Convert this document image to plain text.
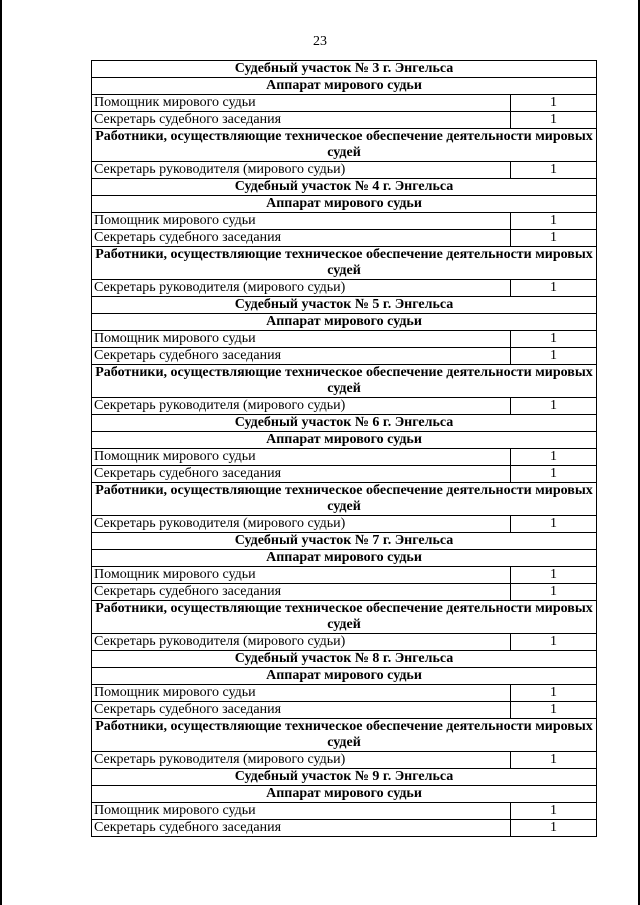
23
Судебный участок № 3 г. Энгельса	
Аппарат мирового судьи	
Помощник мирового судьи	1
Секретарь судебного заседания	1
Работники, осуществляющие техническое обеспечение деятельности мировых судей	
Секретарь руководителя (мирового судьи)	1
Судебный участок № 4 г. Энгельса	
Аппарат мирового судьи	
Помощник мирового судьи	1
Секретарь судебного заседания	1
Работники, осуществляющие техническое обеспечение деятельности мировых судей	
Секретарь руководителя (мирового судьи)	1
Судебный участок № 5 г. Энгельса	
Аппарат мирового судьи	
Помощник мирового судьи	1
Секретарь судебного заседания	1
Работники, осуществляющие техническое обеспечение деятельности мировых судей	
Секретарь руководителя (мирового судьи)	1
Судебный участок № 6 г. Энгельса	
Аппарат мирового судьи	
Помощник мирового судьи	1
Секретарь судебного заседания	1
Работники, осуществляющие техническое обеспечение деятельности мировых судей	
Секретарь руководителя (мирового судьи)	1
Судебный участок № 7 г. Энгельса	
Аппарат мирового судьи	
Помощник мирового судьи	1
Секретарь судебного заседания	1
Работники, осуществляющие техническое обеспечение деятельности мировых судей	
Секретарь руководителя (мирового судьи)	1
Судебный участок № 8 г. Энгельса	
Аппарат мирового судьи	
Помощник мирового судьи	1
Секретарь судебного заседания	1
Работники, осуществляющие техническое обеспечение деятельности мировых судей	
Секретарь руководителя (мирового судьи)	1
Судебный участок № 9 г. Энгельса	
Аппарат мирового судьи	
Помощник мирового судьи	1
Секретарь судебного заседания	1
